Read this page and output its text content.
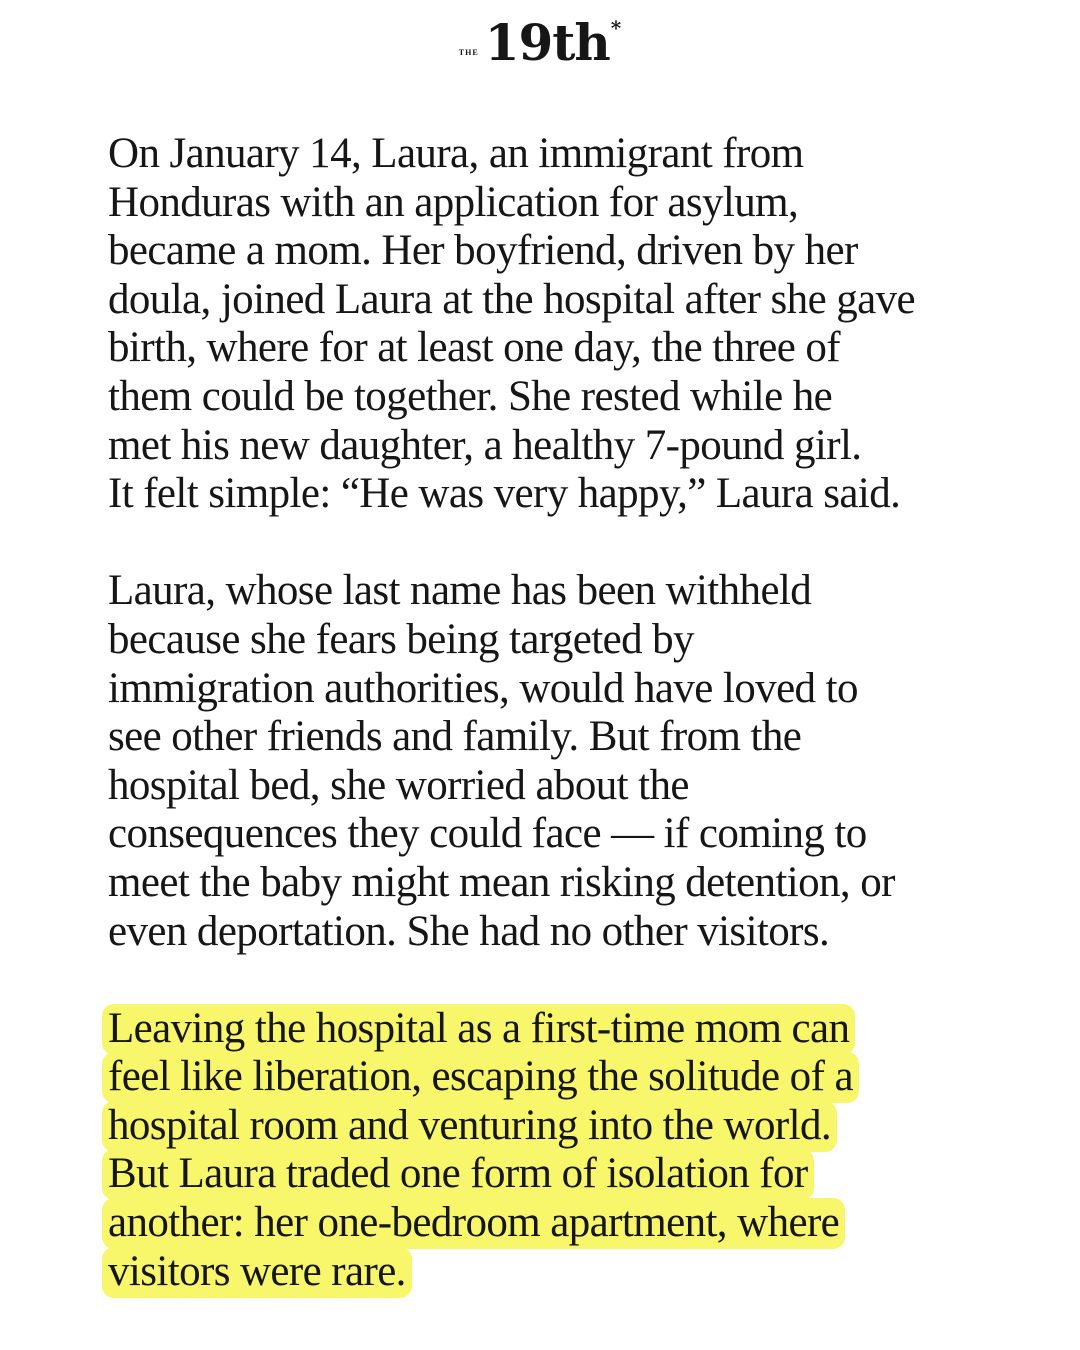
THE 19th *

On January 14, Laura, an immigrant from
Honduras with an application for asylum,
became a mom. Her boyfriend, driven by her
doula, joined Laura at the hospital after she gave
birth, where for at least one day, the three of
them could be together. She rested while he
met his new daughter, a healthy 7-pound girl.
It felt simple: “He was very happy,” Laura said.

Laura, whose last name has been withheld
because she fears being targeted by
immigration authorities, would have loved to
see other friends and family. But from the
hospital bed, she worried about the
consequences they could face — if coming to
meet the baby might mean risking detention, or
even deportation. She had no other visitors.

Leaving the hospital as a first-time mom can
feel like liberation, escaping the solitude of a
hospital room and venturing into the world.
But Laura traded one form of isolation for
another: her one-bedroom apartment, where
visitors were rare.
